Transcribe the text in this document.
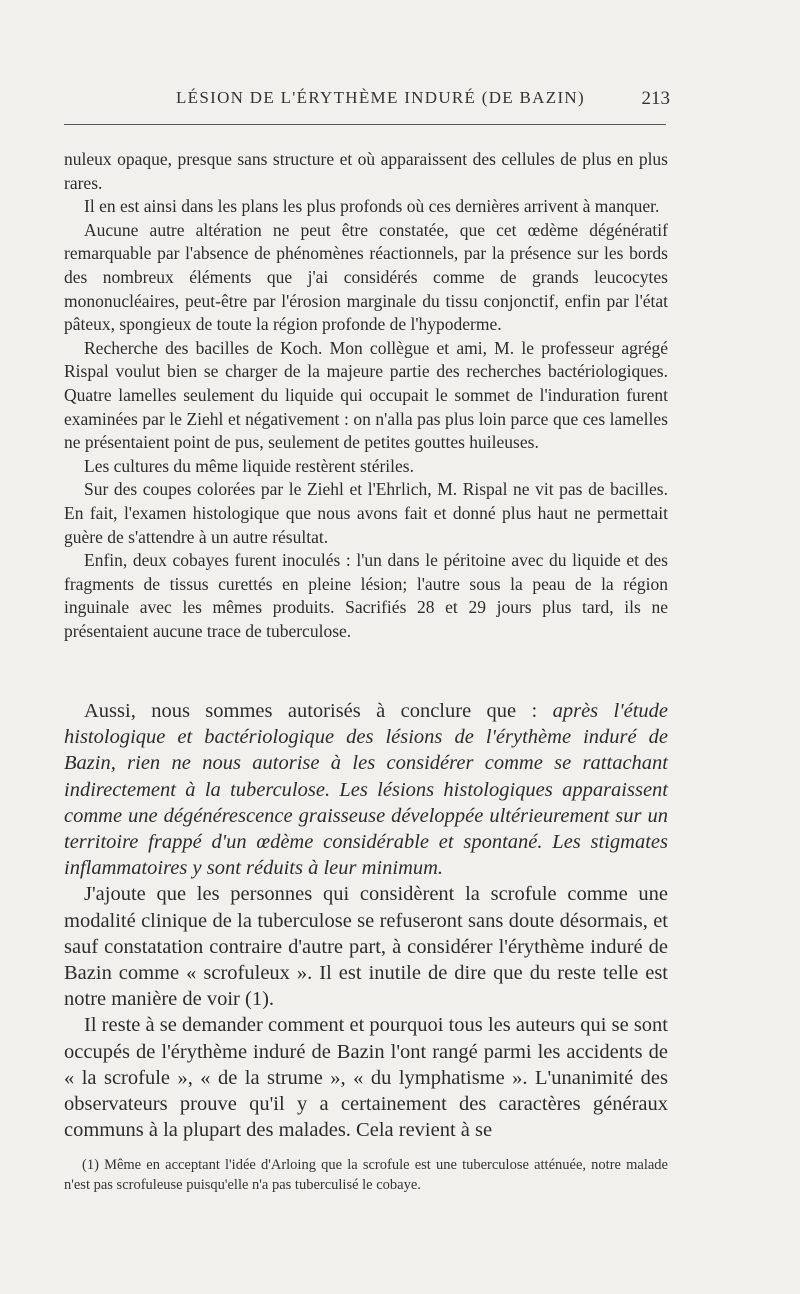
LÉSION DE L'ÉRYTHÈME INDURÉ (DE BAZIN)	213

nuleux opaque, presque sans structure et où apparaissent des cellules de plus en plus rares.

Il en est ainsi dans les plans les plus profonds où ces dernières arrivent à manquer.

Aucune autre altération ne peut être constatée, que cet œdème dégénératif remarquable par l'absence de phénomènes réactionnels, par la présence sur les bords des nombreux éléments que j'ai considérés comme de grands leucocytes mononucléaires, peut-être par l'érosion marginale du tissu conjonctif, enfin par l'état pâteux, spongieux de toute la région profonde de l'hypoderme.

Recherche des bacilles de Koch. Mon collègue et ami, M. le professeur agrégé Rispal voulut bien se charger de la majeure partie des recherches bactériologiques. Quatre lamelles seulement du liquide qui occupait le sommet de l'induration furent examinées par le Ziehl et négativement : on n'alla pas plus loin parce que ces lamelles ne présentaient point de pus, seulement de petites gouttes huileuses.

Les cultures du même liquide restèrent stériles.

Sur des coupes colorées par le Ziehl et l'Ehrlich, M. Rispal ne vit pas de bacilles. En fait, l'examen histologique que nous avons fait et donné plus haut ne permettait guère de s'attendre à un autre résultat.

Enfin, deux cobayes furent inoculés : l'un dans le péritoine avec du liquide et des fragments de tissus curettés en pleine lésion; l'autre sous la peau de la région inguinale avec les mêmes produits. Sacrifiés 28 et 29 jours plus tard, ils ne présentaient aucune trace de tuberculose.

Aussi, nous sommes autorisés à conclure que : après l'étude histologique et bactériologique des lésions de l'érythème induré de Bazin, rien ne nous autorise à les considérer comme se rattachant indirectement à la tuberculose. Les lésions histologiques apparaissent comme une dégénérescence graisseuse développée ultérieurement sur un territoire frappé d'un œdème considérable et spontané. Les stigmates inflammatoires y sont réduits à leur minimum.

J'ajoute que les personnes qui considèrent la scrofule comme une modalité clinique de la tuberculose se refuseront sans doute désormais, et sauf constatation contraire d'autre part, à considérer l'érythème induré de Bazin comme « scrofuleux ». Il est inutile de dire que du reste telle est notre manière de voir (1).

Il reste à se demander comment et pourquoi tous les auteurs qui se sont occupés de l'érythème induré de Bazin l'ont rangé parmi les accidents de « la scrofule », « de la strume », « du lymphatisme ». L'unanimité des observateurs prouve qu'il y a certainement des caractères généraux communs à la plupart des malades. Cela revient à se

(1) Même en acceptant l'idée d'Arloing que la scrofule est une tuberculose atténuée, notre malade n'est pas scrofuleuse puisqu'elle n'a pas tuberculisé le cobaye.
